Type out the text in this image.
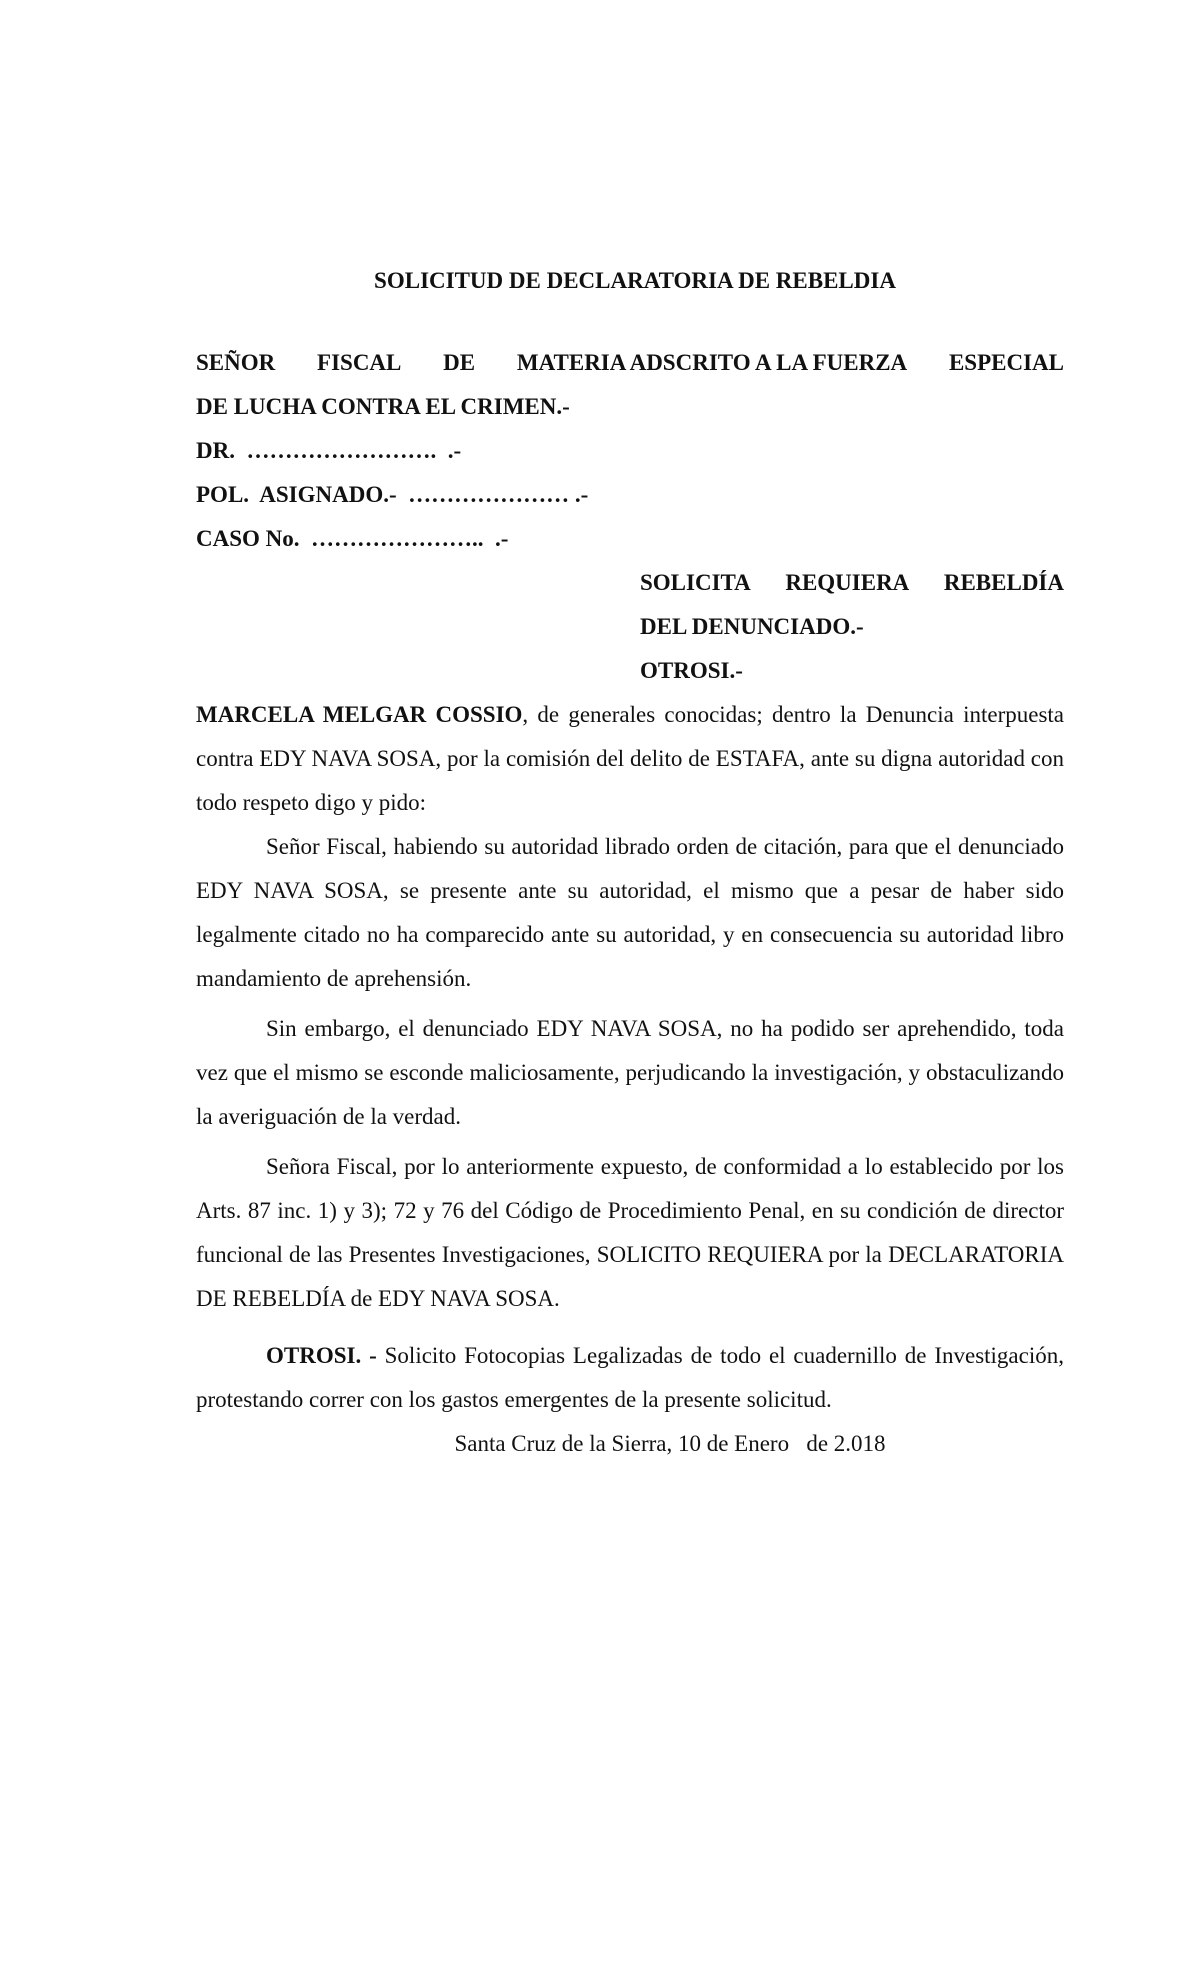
SOLICITUD DE DECLARATORIA DE REBELDIA
SEÑOR FISCAL DE MATERIA ADSCRITO A LA FUERZA ESPECIAL
DE LUCHA CONTRA EL CRIMEN.-
DR.  …………………….  .-
POL.  ASIGNADO.-  ………………… .-
CASO No.  …………………..  .-
SOLICITA REQUIERA REBELDÍA
DEL DENUNCIADO.-
OTROSI.-

MARCELA MELGAR COSSIO, de generales conocidas; dentro la Denuncia interpuesta contra EDY NAVA SOSA, por la comisión del delito de ESTAFA, ante su digna autoridad con todo respeto digo y pido:

Señor Fiscal, habiendo su autoridad librado orden de citación, para que el denunciado EDY NAVA SOSA, se presente ante su autoridad, el mismo que a pesar de haber sido legalmente citado no ha comparecido ante su autoridad, y en consecuencia su autoridad libro mandamiento de aprehensión.

Sin embargo, el denunciado EDY NAVA SOSA, no ha podido ser aprehendido, toda vez que el mismo se esconde maliciosamente, perjudicando la investigación, y obstaculizando la averiguación de la verdad.

Señora Fiscal, por lo anteriormente expuesto, de conformidad a lo establecido por los Arts. 87 inc. 1) y 3); 72 y 76 del Código de Procedimiento Penal, en su condición de director funcional de las Presentes Investigaciones, SOLICITO REQUIERA por la DECLARATORIA DE REBELDÍA de EDY NAVA SOSA.

OTROSI. - Solicito Fotocopias Legalizadas de todo el cuadernillo de Investigación, protestando correr con los gastos emergentes de la presente solicitud.

Santa Cruz de la Sierra, 10 de Enero   de 2.018
